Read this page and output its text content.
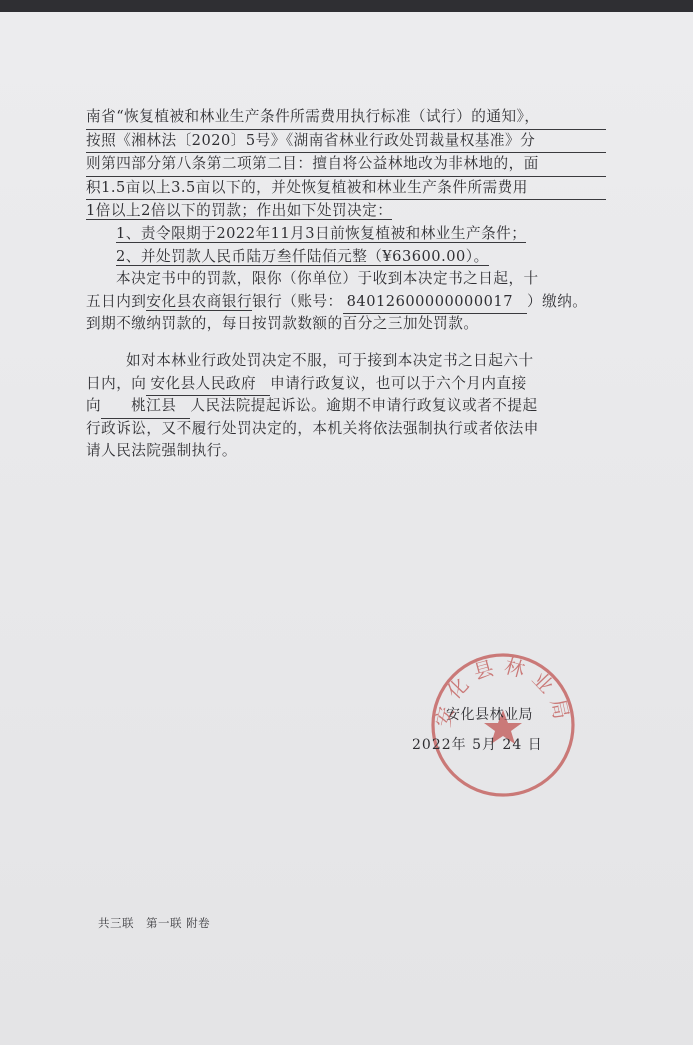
南省“恢复植被和林业生产条件所需费用执行标准（试行）的通知》，
按照《湘林法〔2020〕5号》《湖南省林业行政处罚裁量权基准》分
则第四部分第八条第二项第二目：擅自将公益林地改为非林地的，面
积1.5亩以上3.5亩以下的，并处恢复植被和林业生产条件所需费用
1倍以上2倍以下的罚款；作出如下处罚决定：
1、责令限期于2022年11月3日前恢复植被和林业生产条件；
2、并处罚款人民币陆万叁仟陆佰元整（¥63600.00）。
本决定书中的罚款，限你（你单位）于收到本决定书之日起，十
五日内到安化县农商银行银行（账号： 84012600000000017 ）缴纳。
到期不缴纳罚款的，每日按罚款数额的百分之三加处罚款。
如对本林业行政处罚决定不服，可于接到本决定书之日起六十
日内，向 安化县人民政府 申请行政复议，也可以于六个月内直接
向 桃江县 人民法院提起诉讼。逾期不申请行政复议或者不提起
行政诉讼，又不履行处罚决定的，本机关将依法强制执行或者依法申
请人民法院强制执行。
安化县林业局
安化县林业局
2022年 5月 24 日
共三联　第一联 附卷
